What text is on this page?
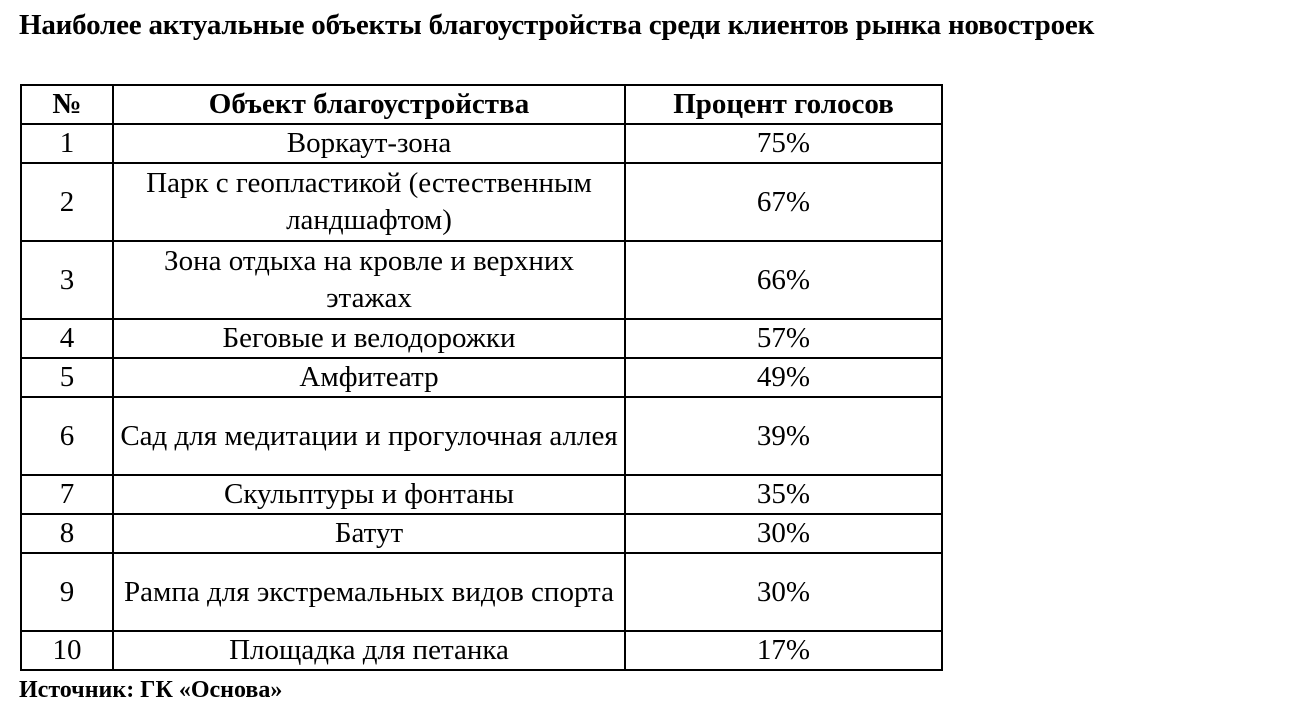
Наиболее актуальные объекты благоустройства среди клиентов рынка новостроек
№	Объект благоустройства	Процент голосов
1	Воркаут-зона	75%
2	Парк с геопластикой (естественным ландшафтом)	67%
3	Зона отдыха на кровле и верхних этажах	66%
4	Беговые и велодорожки	57%
5	Амфитеатр	49%
6	Сад для медитации и прогулочная аллея	39%
7	Скульптуры и фонтаны	35%
8	Батут	30%
9	Рампа для экстремальных видов спорта	30%
10	Площадка для петанка	17%
Источник: ГК «Основа»
